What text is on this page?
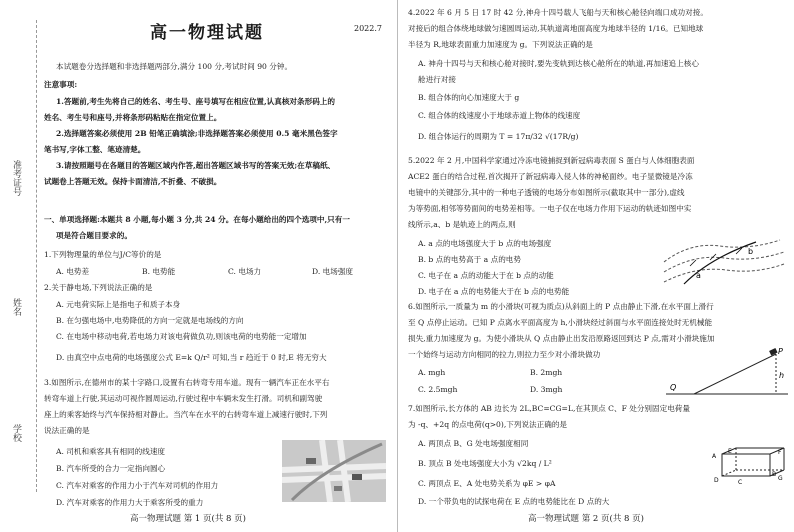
准考证号
姓名
学校
高一物理试题	2022.7
本试题卷分选择题和非选择题两部分,满分 100 分,考试时间 90 分钟。
注意事项:
1.答题前,考生先将自己的姓名、考生号、座号填写在相应位置,认真核对条形码上的
姓名、考生号和座号,并将条形码粘贴在指定位置上。
2.选择题答案必须使用 2B 铅笔正确填涂;非选择题答案必须使用 0.5 毫米黑色签字
笔书写,字体工整、笔迹清楚。
3.请按照题号在各题目的答题区域内作答,超出答题区域书写的答案无效;在草稿纸、
试题卷上答题无效。保持卡面清洁,不折叠、不破损。
一、单项选择题:本题共 8 小题,每小题 3 分,共 24 分。在每小题给出的四个选项中,只有一
项是符合题目要求的。
1.下列物理量的单位与J/C等价的是
A. 电势差	B. 电势能	C. 电场力	D. 电场强度
2.关于静电场,下列说法正确的是
A. 元电荷实际上是指电子和质子本身
B. 在匀强电场中,电势降低的方向一定就是电场线的方向
C. 在电场中移动电荷,若电场力对该电荷做负功,则该电荷的电势能一定增加
D. 由真空中点电荷的电场强度公式 E=k Q/r² 可知,当 r 趋近于 0 时,E 将无穷大
3.如图所示,在德州市的某十字路口,设置有右转弯专用车道。现有一辆汽车正在水平右
转弯车道上行驶,其运动可视作圆周运动,行驶过程中车辆未发生打滑。司机和副驾驶
座上的乘客始终与汽车保持相对静止。当汽车在水平的右转弯车道上减速行驶时,下列
说法正确的是
A. 司机和乘客具有相同的线速度
B. 汽车所受的合力一定指向圆心
C. 汽车对乘客的作用力小于汽车对司机的作用力
D. 汽车对乘客的作用力大于乘客所受的重力
高一物理试题 第 1 页(共 8 页)
4.2022 年 6 月 5 日 17 时 42 分,神舟十四号载人飞船与天和核心舱径向端口成功对接。
对接后的组合体绕地球做匀速圆周运动,其轨道离地面高度为地球半径的 1/16。已知地球
半径为 R,地球表面重力加速度为 g。下列说法正确的是
A. 神舟十四号与天和核心舱对接时,要先变轨到达核心舱所在的轨道,再加速追上核心
舱进行对接
B. 组合体的向心加速度大于 g
C. 组合体的线速度小于地球赤道上物体的线速度
D. 组合体运行的周期为 T = 17π/32 √(17R/g)
5.2022 年 2 月,中国科学家通过冷冻电镜捕捉到新冠病毒表面 S 蛋白与人体细胞表面
ACE2 蛋白的结合过程,首次揭开了新冠病毒入侵人体的神秘面纱。电子显微镜是冷冻
电镜中的关键部分,其中的一种电子透镜的电场分布如图所示(截取其中一部分),虚线
为等势面,相邻等势面间的电势差相等。一电子仅在电场力作用下运动的轨迹如图中实
线所示,a、b 是轨迹上的两点,则
A. a 点的电场强度大于 b 点的电场强度
B. b 点的电势高于 a 点的电势
C. 电子在 a 点的动能大于在 b 点的动能
D. 电子在 a 点的电势能大于在 b 点的电势能
a
b
6.如图所示,一质量为 m 的小滑块(可视为质点)从斜面上的 P 点由静止下滑,在水平面上滑行
至 Q 点停止运动。已知 P 点离水平面高度为 h,小滑块经过斜面与水平面连接处时无机械能
损失,重力加速度为 g。为使小滑块从 Q 点由静止出发沿原路返回到达 P 点,需对小滑块施加
一个始终与运动方向相同的拉力,则拉力至少对小滑块做功
A. mgh	B. 2mgh
C. 2.5mgh	D. 3mgh
P
h
Q
7.如图所示,长方体的 AB 边长为 2L,BC=CG=L,在其顶点 C、F 处分别固定电荷量
为 -q、+2q 的点电荷(q>0),下列说法正确的是
A. 两顶点 B、G 处电场强度相同
B. 顶点 B 处电场强度大小为 √2kq / L²
C. 两顶点 E、A 处电势关系为 φE > φA
D. 一个带负电的试探电荷在 E 点的电势能比在 D 点的大
E	F
A
B
D	C
G
高一物理试题 第 2 页(共 8 页)
